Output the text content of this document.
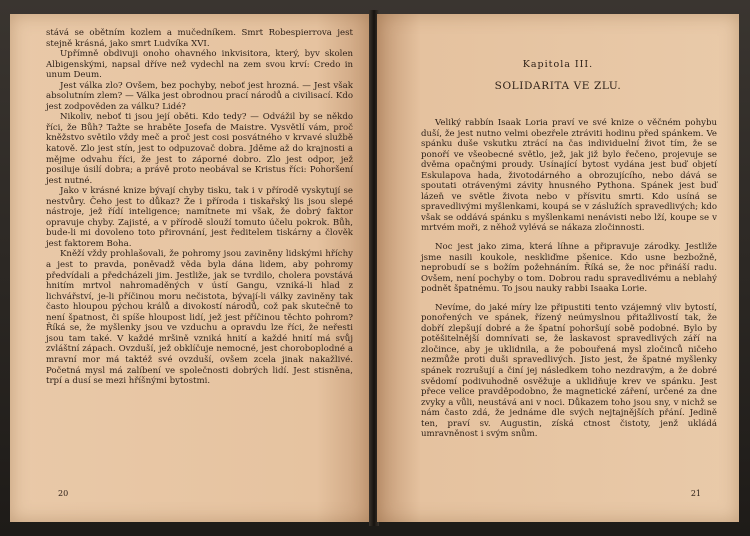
stává se obětním kozlem a mučedníkem. Smrt Robespierrova jest stejně krásná, jako smrt Ludvíka XVI.

Upřímně obdivuji onoho ohavného inkvisitora, který, byv skolen Albigenskými, napsal dříve než vydechl na zem svou krví: Credo in unum Deum.

Jest válka zlo? Ovšem, bez pochyby, neboť jest hrozná. — Jest však absolutním zlem? — Válka jest obrodnou prací národů a civilisací. Kdo jest zodpověden za válku? Lidé?

Nikoliv, neboť ti jsou její oběti. Kdo tedy? — Odvážil by se někdo říci, že Bůh? Tažte se hraběte Josefa de Maistre. Vysvětlí vám, proč kněžstvo světilo vždy meč a proč jest cosi posvátného v krvavé službě katově. Zlo jest stín, jest to odpuzovač dobra. Jděme až do krajnosti a mějme odvahu říci, že jest to záporné dobro. Zlo jest odpor, jež posiluje úsilí dobra; a právě proto neobával se Kristus říci: Pohoršení jest nutné.

Jako v krásné knize bývají chyby tisku, tak i v přírodě vyskytují se nestvůry. Čeho jest to důkaz? Že i příroda i tiskařský lis jsou slepé nástroje, jež řídí inteligence; namítnete mi však, že dobrý faktor opravuje chyby. Zajisté, a v přírodě slouží tomuto účelu pokrok. Bůh, bude-li mi dovoleno toto přirovnání, jest ředitelem tiskárny a člověk jest faktorem Boha.

Kněží vždy prohlašovali, že pohromy jsou zaviněny lidskými hříchy a jest to pravda, poněvadž věda byla dána lidem, aby pohromy předvídali a předcházeli jim. Jestliže, jak se tvrdilo, cholera povstává hnitím mrtvol nahromaděných v ústí Gangu, vzniká-li hlad z lichvářství, je-li příčinou moru nečistota, bývají-li války zaviněny tak často hloupou pýchou králů a divokostí národů, což pak skutečně to není špatnost, či spíše hloupost lidí, jež jest příčinou těchto pohrom? Říká se, že myšlenky jsou ve vzduchu a opravdu lze říci, že neřesti jsou tam také. V každé mršině vzniká hnití a každé hnití má svůj zvláštní zápach. Ovzduší, jež obklíčuje nemocné, jest choroboplodné a mravní mor má taktéž své ovzduší, ovšem zcela jinak nakažlivé. Početná mysl má zalíbení ve společnosti dobrých lidí. Jest stisněna, trpí a dusí se mezi hříšnými bytostmi.

20
Kapitola III.
SOLIDARITA VE ZLU.

Veliký rabbín Isaak Loria praví ve své knize o věčném pohybu duší, že jest nutno velmi obezřele ztráviti hodinu před spánkem. Ve spánku duše vskutku ztrácí na čas individuelní život tím, že se ponoří ve všeobecné světlo, jež, jak již bylo řečeno, projevuje se dvěma opačnými proudy. Usínající bytost vydána jest buď objetí Eskulapova hada, životodárného a obrozujícího, nebo dává se spoutati otrávenými závity hnusného Pythona. Spánek jest buď lázeň ve světle života nebo v přísvitu smrti. Kdo usíná se spravedlivými myšlenkami, koupá se v záslužích spravedlivých; kdo však se oddává spánku s myšlenkami nenávisti nebo lží, koupe se v mrtvém moři, z něhož vylévá se nákaza zločinnosti.

Noc jest jako zima, která líhne a připravuje zárodky. Jestliže jsme nasili koukole, neskliďme pšenice. Kdo usne bezbožně, neprobudí se s božím požehnáním. Říká se, že noc přináší radu. Ovšem, není pochyby o tom. Dobrou radu spravedlivému a neblahý podnět špatnému. To jsou nauky rabbi Isaaka Lorie.

Nevíme, do jaké míry lze připustiti tento vzájemný vliv bytostí, ponořených ve spánek, řízený neúmyslnou přitažlivostí tak, že dobří zlepšují dobré a že špatní pohoršují sobě podobné. Bylo by potěšitelnější domnívati se, že laskavost spravedlivých září na zločince, aby je uklidnila, a že pobouřená mysl zločinců ničeho nezmůže proti duši spravedlivých. Jisto jest, že špatné myšlenky spánek rozrušují a činí jej následkem toho nezdravým, a že dobré svědomí podivuhodně osvěžuje a uklidňuje krev ve spánku. Jest přece velice pravděpodobno, že magnetické záření, určené za dne zvyky a vůli, neustává ani v noci. Důkazem toho jsou sny, v nichž se nám často zdá, že jednáme dle svých nejtajnějších přání. Jedině ten, praví sv. Augustin, získá ctnost čistoty, jenž ukládá umravněnost i svým snům.

21
